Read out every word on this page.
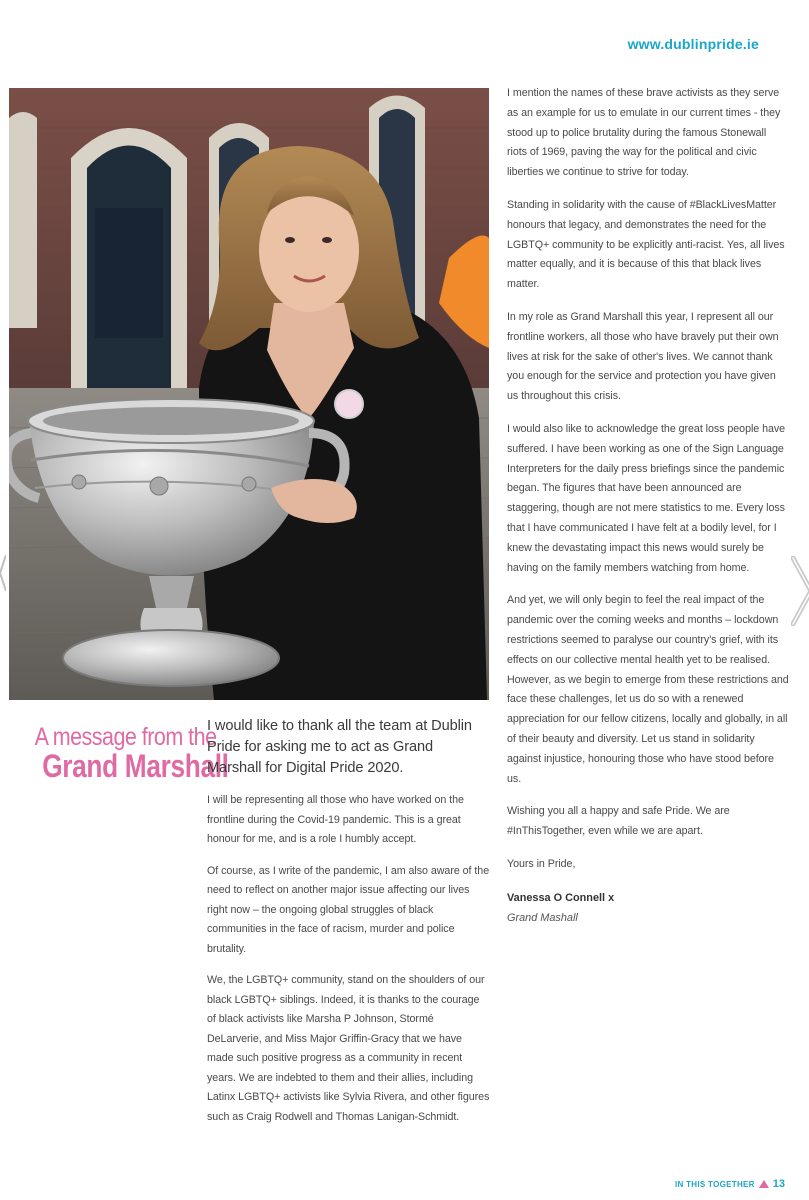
www.dublinpride.ie
A message from the
Grand Marshall

I would like to thank all the team at Dublin Pride for asking me to act as Grand Marshall for Digital Pride 2020.

I will be representing all those who have worked on the frontline during the Covid-19 pandemic. This is a great honour for me, and is a role I humbly accept.

Of course, as I write of the pandemic, I am also aware of the need to reflect on another major issue affecting our lives right now – the ongoing global struggles of black communities in the face of racism, murder and police brutality.

We, the LGBTQ+ community, stand on the shoulders of our black LGBTQ+ siblings. Indeed, it is thanks to the courage of black activists like Marsha P Johnson, Stormé DeLarverie, and Miss Major Griffin-Gracy that we have made such positive progress as a community in recent years. We are indebted to them and their allies, including Latinx LGBTQ+ activists like Sylvia Rivera, and other figures such as Craig Rodwell and Thomas Lanigan-Schmidt.

I mention the names of these brave activists as they serve as an example for us to emulate in our current times - they stood up to police brutality during the famous Stonewall riots of 1969, paving the way for the political and civic liberties we continue to strive for today.

Standing in solidarity with the cause of #BlackLivesMatter honours that legacy, and demonstrates the need for the LGBTQ+ community to be explicitly anti-racist. Yes, all lives matter equally, and it is because of this that black lives matter.

In my role as Grand Marshall this year, I represent all our frontline workers, all those who have bravely put their own lives at risk for the sake of other's lives. We cannot thank you enough for the service and protection you have given us throughout this crisis.

I would also like to acknowledge the great loss people have suffered. I have been working as one of the Sign Language Interpreters for the daily press briefings since the pandemic began. The figures that have been announced are staggering, though are not mere statistics to me. Every loss that I have communicated I have felt at a bodily level, for I knew the devastating impact this news would surely be having on the family members watching from home.

And yet, we will only begin to feel the real impact of the pandemic over the coming weeks and months – lockdown restrictions seemed to paralyse our country's grief, with its effects on our collective mental health yet to be realised. However, as we begin to emerge from these restrictions and face these challenges, let us do so with a renewed appreciation for our fellow citizens, locally and globally, in all of their beauty and diversity. Let us stand in solidarity against injustice, honouring those who have stood before us.

Wishing you all a happy and safe Pride. We are #InThisTogether, even while we are apart.

Yours in Pride,

Vanessa O Connell x

Grand Mashall

IN THIS TOGETHER 13
